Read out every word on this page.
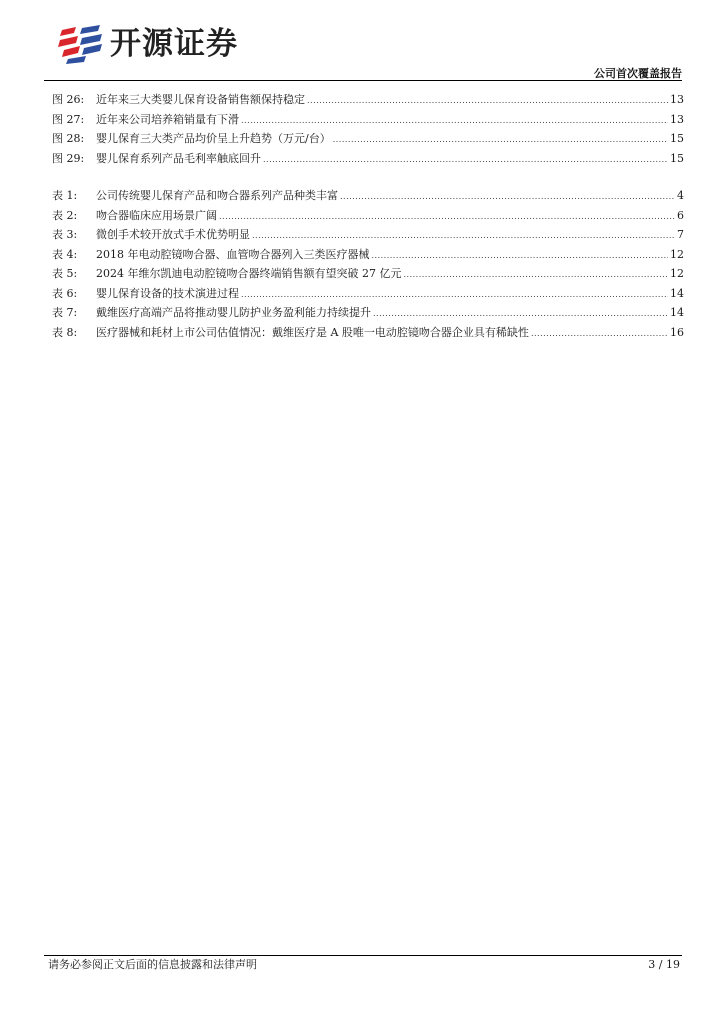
开源证券
公司首次覆盖报告
图 26:	近年来三大类婴儿保育设备销售额保持稳定 .....	13
图 27:	近年来公司培养箱销量有下滑 .....	13
图 28:	婴儿保育三大类产品均价呈上升趋势（万元/台） .....	15
图 29:	婴儿保育系列产品毛利率触底回升 .....	15
表 1:	公司传统婴儿保育产品和吻合器系列产品种类丰富 .....	4
表 2:	吻合器临床应用场景广阔 .....	6
表 3:	微创手术较开放式手术优势明显 .....	7
表 4:	2018 年电动腔镜吻合器、血管吻合器列入三类医疗器械 .....	12
表 5:	2024 年维尔凯迪电动腔镜吻合器终端销售额有望突破 27 亿元 .....	12
表 6:	婴儿保育设备的技术演进过程 .....	14
表 7:	戴维医疗高端产品将推动婴儿防护业务盈利能力持续提升 .....	14
表 8:	医疗器械和耗材上市公司估值情况：戴维医疗是 A 股唯一电动腔镜吻合器企业具有稀缺性 .....	16
请务必参阅正文后面的信息披露和法律声明	3 / 19
